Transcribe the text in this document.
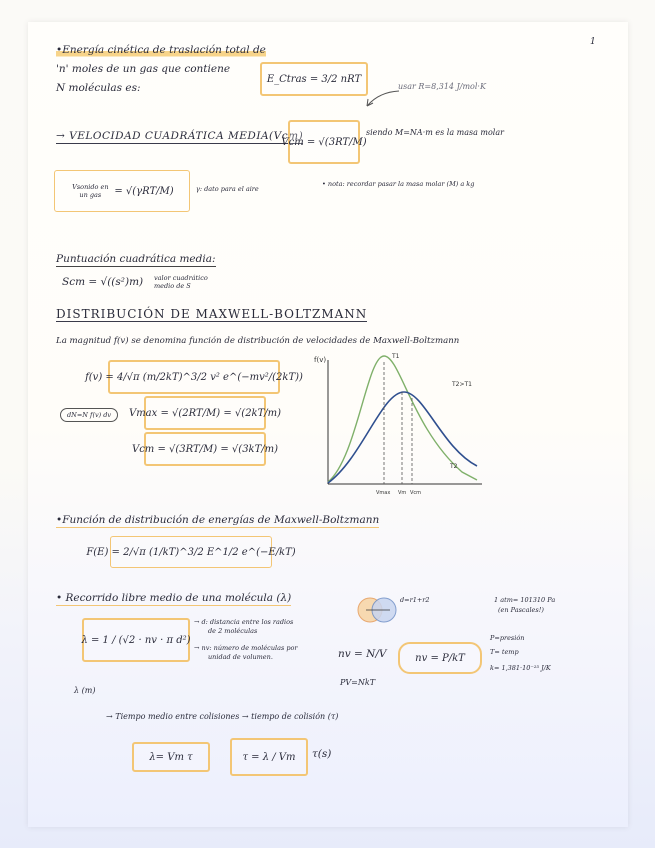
1
•Energía cinética de traslación total de
'n' moles de un gas que contiene
N moléculas es:
E_Ctras = 3/2 nRT
usar R=8,314 J/mol·K
→ VELOCIDAD CUADRÁTICA MEDIA(Vcm)
Vcm = √(3RT/M)
siendo M=NA·m es la masa molar
Vsonido en un gas	= √(γRT/M)	γ: dato para el aire
• nota: recordar pasar la masa molar (M) a kg
Puntuación cuadrática media:
Scm = √((s²)m) valor cuadrático
medio de S
DISTRIBUCIÓN DE MAXWELL-BOLTZMANN
La magnitud f(v) se denomina función de distribución de velocidades de Maxwell-Boltzmann
f(v) = 4/√π (m/2kT)^3/2 v² e^(−mv²/(2kT))
dN=N f(v) dv	Vmax = √(2RT/M) = √(2kT/m)
Vcm = √(3RT/M) = √(3kT/m)
f(v)	T1
T2
T2>T1
Vmax Vm Vcm
•Función de distribución de energías de Maxwell-Boltzmann
F(E) = 2/√π (1/kT)^3/2 E^1/2 e^(−E/kT)
• Recorrido libre medio de una molécula (λ)
λ = 1 / (√2 · nv · π d²)
→ d: distancia entre los radios
de 2 moléculas
→ nv: número de moléculas por
unidad de volumen.	nv = N/V
PV=NkT
nv = P/kT
λ (m)
d=r1+r2	1 atm= 101310 Pa
(en Pascales!)
P=presión
T= temp
k= 1,381·10⁻²³ J/K
→ Tiempo medio entre colisiones → tiempo de colisión (τ)
λ= Vm τ	τ = λ / Vm	τ(s)
